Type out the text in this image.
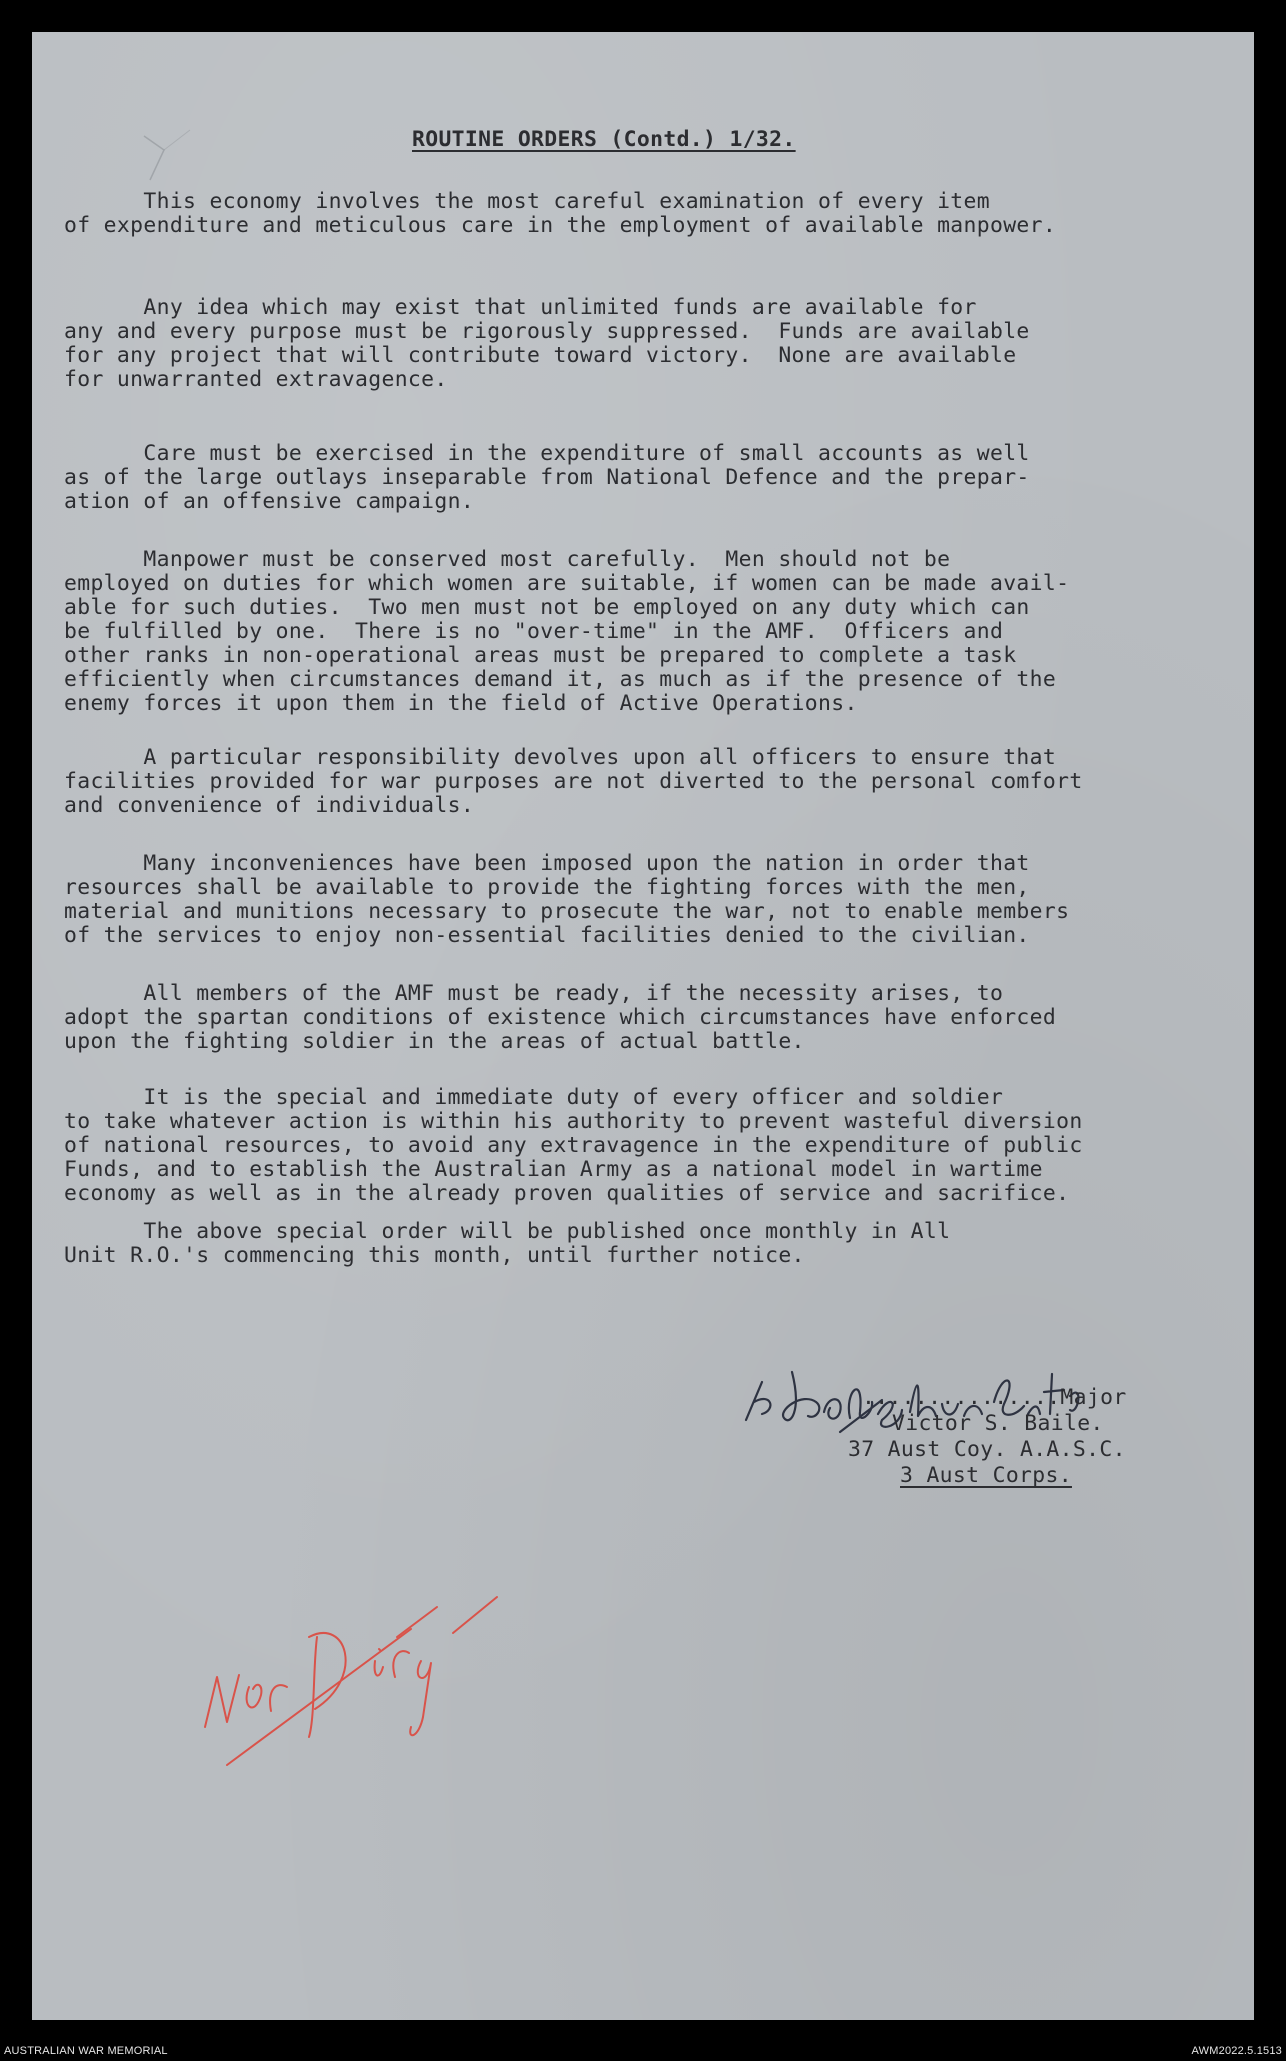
ROUTINE ORDERS (Contd.) 1/32.
This economy involves the most careful examination of every item
of expenditure and meticulous care in the employment of available manpower.
Any idea which may exist that unlimited funds are available for
any and every purpose must be rigorously suppressed.  Funds are available
for any project that will contribute toward victory.  None are available
for unwarranted extravagence.
Care must be exercised in the expenditure of small accounts as well
as of the large outlays inseparable from National Defence and the prepar-
ation of an offensive campaign.
Manpower must be conserved most carefully.  Men should not be
employed on duties for which women are suitable, if women can be made avail-
able for such duties.  Two men must not be employed on any duty which can
be fulfilled by one.  There is no "over-time" in the AMF.  Officers and
other ranks in non-operational areas must be prepared to complete a task
efficiently when circumstances demand it, as much as if the presence of the
enemy forces it upon them in the field of Active Operations.
A particular responsibility devolves upon all officers to ensure that
facilities provided for war purposes are not diverted to the personal comfort
and convenience of individuals.
Many inconveniences have been imposed upon the nation in order that
resources shall be available to provide the fighting forces with the men,
material and munitions necessary to prosecute the war, not to enable members
of the services to enjoy non-essential facilities denied to the civilian.
All members of the AMF must be ready, if the necessity arises, to
adopt the spartan conditions of existence which circumstances have enforced
upon the fighting soldier in the areas of actual battle.
It is the special and immediate duty of every officer and soldier
to take whatever action is within his authority to prevent wasteful diversion
of national resources, to avoid any extravagence in the expenditure of public
Funds, and to establish the Australian Army as a national model in wartime
economy as well as in the already proven qualities of service and sacrifice.
The above special order will be published once monthly in All
Unit R.O.'s commencing this month, until further notice.
...............Major
Victor S. Baile.
37 Aust Coy. A.A.S.C.
3 Aust Corps.
AUSTRALIAN WAR MEMORIAL	AWM2022.5.1513
